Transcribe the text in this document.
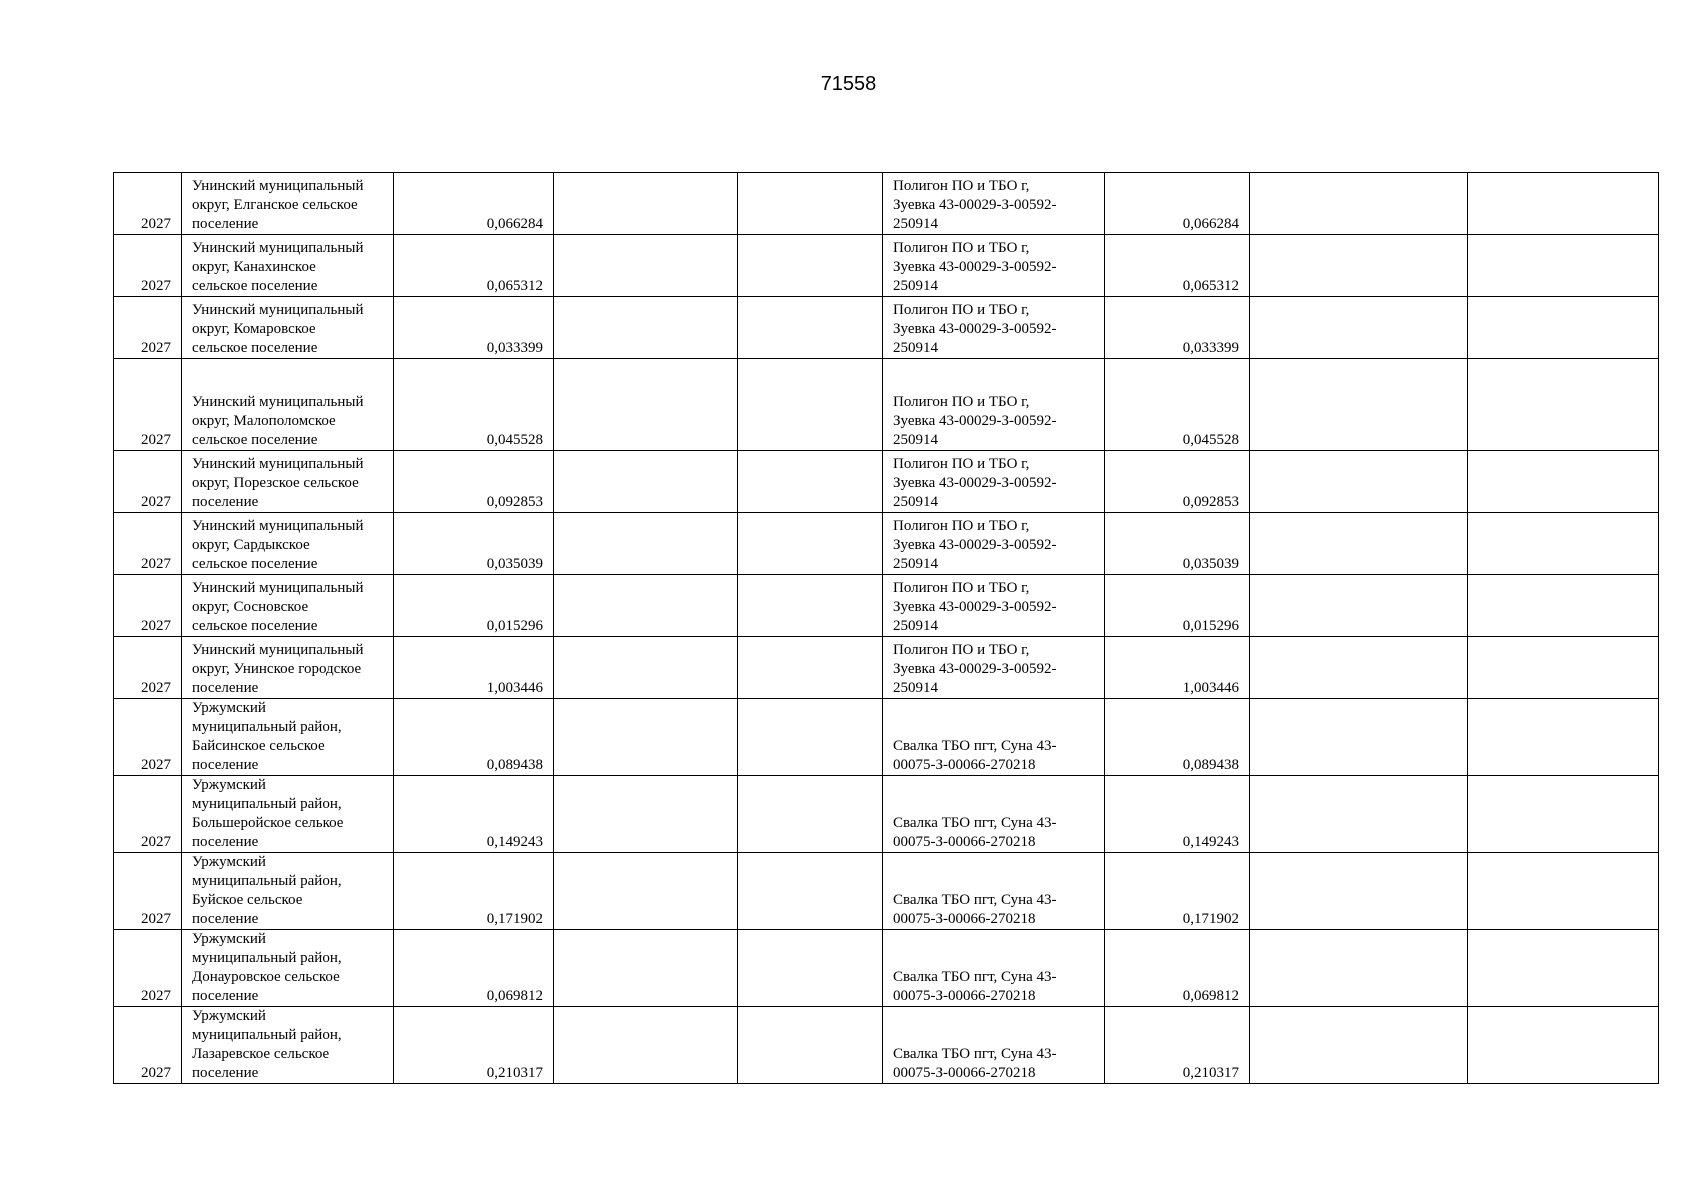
71558
2027	Унинский муниципальный
округ, Елганское сельское
поселение	0,066284			Полигон ПО и ТБО г,
Зуевка 43-00029-З-00592-
250914	0,066284		
2027	Унинский муниципальный
округ, Канахинское
сельское поселение	0,065312			Полигон ПО и ТБО г,
Зуевка 43-00029-З-00592-
250914	0,065312		
2027	Унинский муниципальный
округ, Комаровское
сельское поселение	0,033399			Полигон ПО и ТБО г,
Зуевка 43-00029-З-00592-
250914	0,033399		
2027	Унинский муниципальный
округ, Малополомское
сельское поселение	0,045528			Полигон ПО и ТБО г,
Зуевка 43-00029-З-00592-
250914	0,045528		
2027	Унинский муниципальный
округ, Порезское сельское
поселение	0,092853			Полигон ПО и ТБО г,
Зуевка 43-00029-З-00592-
250914	0,092853		
2027	Унинский муниципальный
округ, Сардыкское
сельское поселение	0,035039			Полигон ПО и ТБО г,
Зуевка 43-00029-З-00592-
250914	0,035039		
2027	Унинский муниципальный
округ, Сосновское
сельское поселение	0,015296			Полигон ПО и ТБО г,
Зуевка 43-00029-З-00592-
250914	0,015296		
2027	Унинский муниципальный
округ, Унинское городское
поселение	1,003446			Полигон ПО и ТБО г,
Зуевка 43-00029-З-00592-
250914	1,003446		
2027	Уржумский
муниципальный район,
Байсинское сельское
поселение	0,089438			Свалка ТБО пгт, Суна 43-
00075-З-00066-270218	0,089438		
2027	Уржумский
муниципальный район,
Большеройское селькое
поселение	0,149243			Свалка ТБО пгт, Суна 43-
00075-З-00066-270218	0,149243		
2027	Уржумский
муниципальный район,
Буйское сельское
поселение	0,171902			Свалка ТБО пгт, Суна 43-
00075-З-00066-270218	0,171902		
2027	Уржумский
муниципальный район,
Донауровское сельское
поселение	0,069812			Свалка ТБО пгт, Суна 43-
00075-З-00066-270218	0,069812		
2027	Уржумский
муниципальный район,
Лазаревское сельское
поселение	0,210317			Свалка ТБО пгт, Суна 43-
00075-З-00066-270218	0,210317		
